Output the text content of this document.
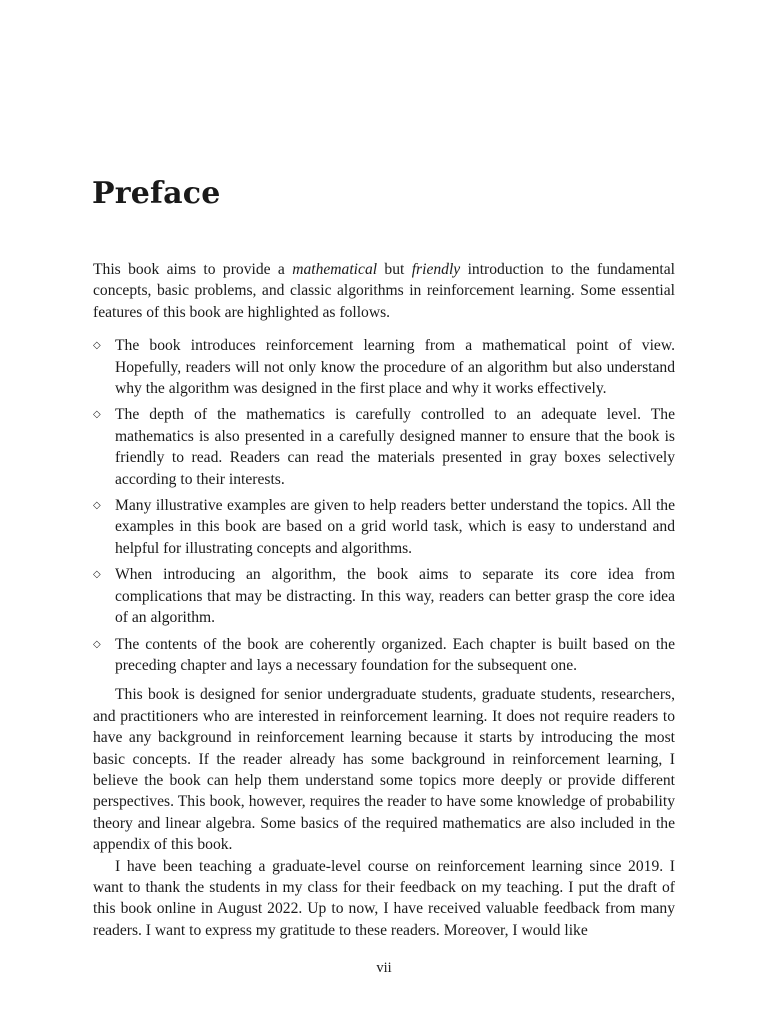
Preface

This book aims to provide a mathematical but friendly introduction to the fundamental concepts, basic problems, and classic algorithms in reinforcement learning. Some essential features of this book are highlighted as follows.

◇ The book introduces reinforcement learning from a mathematical point of view. Hopefully, readers will not only know the procedure of an algorithm but also understand why the algorithm was designed in the first place and why it works effectively.
◇ The depth of the mathematics is carefully controlled to an adequate level. The mathematics is also presented in a carefully designed manner to ensure that the book is friendly to read. Readers can read the materials presented in gray boxes selectively according to their interests.
◇ Many illustrative examples are given to help readers better understand the topics. All the examples in this book are based on a grid world task, which is easy to understand and helpful for illustrating concepts and algorithms.
◇ When introducing an algorithm, the book aims to separate its core idea from complications that may be distracting. In this way, readers can better grasp the core idea of an algorithm.
◇ The contents of the book are coherently organized. Each chapter is built based on the preceding chapter and lays a necessary foundation for the subsequent one.

This book is designed for senior undergraduate students, graduate students, researchers, and practitioners who are interested in reinforcement learning. It does not require readers to have any background in reinforcement learning because it starts by introducing the most basic concepts. If the reader already has some background in reinforcement learning, I believe the book can help them understand some topics more deeply or provide different perspectives. This book, however, requires the reader to have some knowledge of probability theory and linear algebra. Some basics of the required mathematics are also included in the appendix of this book.

I have been teaching a graduate-level course on reinforcement learning since 2019. I want to thank the students in my class for their feedback on my teaching. I put the draft of this book online in August 2022. Up to now, I have received valuable feedback from many readers. I want to express my gratitude to these readers. Moreover, I would like

vii
